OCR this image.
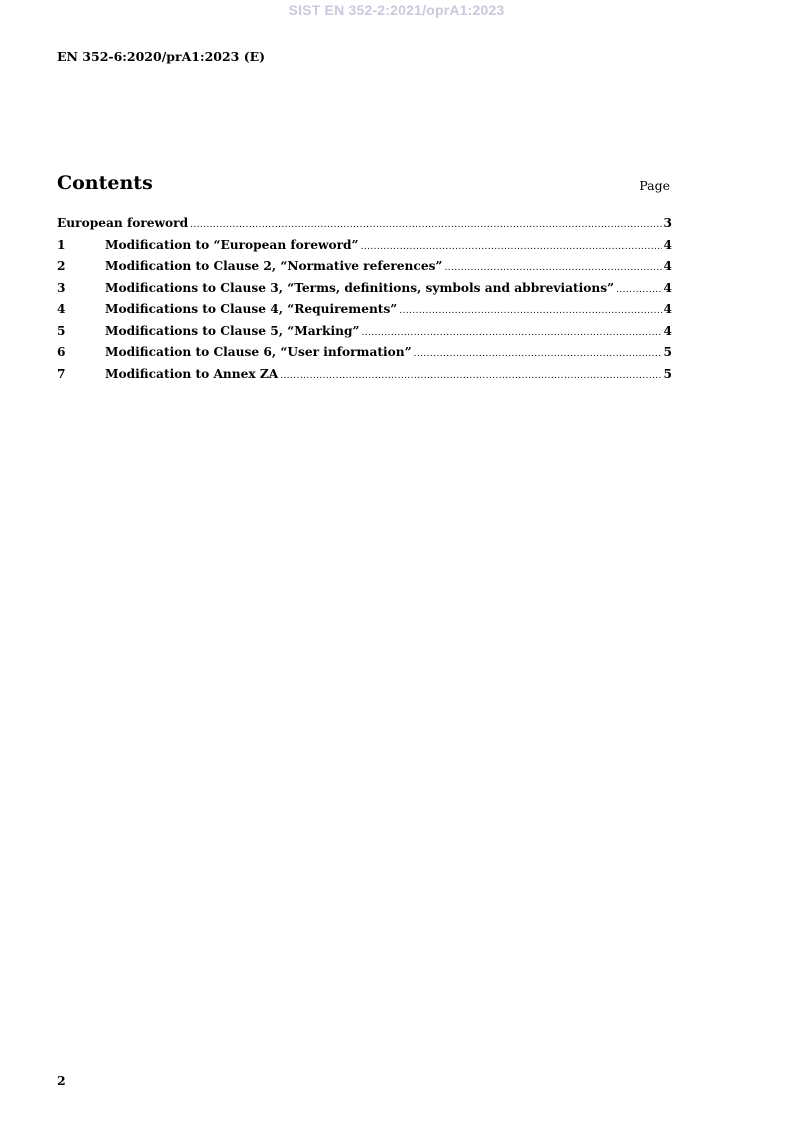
SIST EN 352-2:2021/oprA1:2023
EN 352-6:2020/prA1:2023 (E)
Contents	Page
European foreword .....	3
1	Modification to “European foreword” .....	4
2	Modification to Clause 2, “Normative references” .....	4
3	Modifications to Clause 3, “Terms, definitions, symbols and abbreviations” .....	4
4	Modifications to Clause 4, “Requirements” .....	4
5	Modifications to Clause 5, “Marking” .....	4
6	Modification to Clause 6, “User information” .....	5
7	Modification to Annex ZA .....	5
2
